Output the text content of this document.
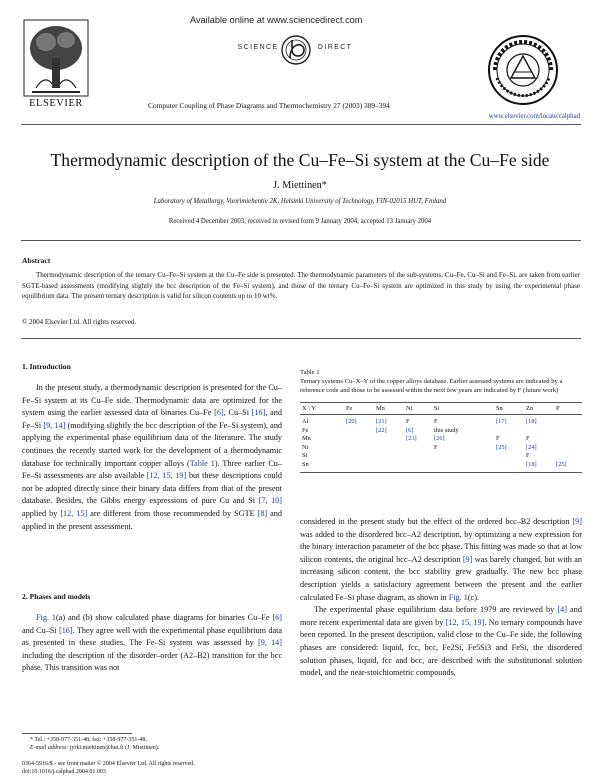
Available online at www.sciencedirect.com
SCIENCE DIRECT
ELSEVIER	Computer Coupling of Phase Diagrams and Thermochemistry 27 (2003) 389–394
www.elsevier.com/locate/calphad
Thermodynamic description of the Cu–Fe–Si system at the Cu–Fe side
J. Miettinen*
Laboratory of Metallurgy, Vuorimiehentie 2K, Helsinki University of Technology, FIN-02015 HUT, Finland
Received 4 December 2003; received in revised form 9 January 2004; accepted 13 January 2004
Abstract
Thermodynamic description of the ternary Cu–Fe–Si system at the Cu–Fe side is presented. The thermodynamic parameters of the sub-systems, Cu–Fe, Cu–Si and Fe–Si, are taken from earlier SGTE-based assessments (modifying slightly the bcc description of the Fe–Si system), and those of the ternary Cu–Fe–Si system are optimized in this study by using the experimental phase equilibrium data. The present ternary description is valid for silicon contents up to 10 wt%.
© 2004 Elsevier Ltd. All rights reserved.
1. Introduction

In the present study, a thermodynamic description is presented for the Cu–Fe–Si system at its Cu–Fe side. Thermodynamic data are optimized for the system using the earlier assessed data of binaries Cu–Fe [6], Cu–Si [16], and Fe–Si [9, 14] (modifying slightly the bcc description of the Fe–Si system), and applying the experimental phase equilibrium data of the literature. The study continues the recently started work for the development of a thermodynamic database for technically important copper alloys (Table 1). Three earlier Cu–Fe–Si assessments are also available [12, 15, 19] but these descriptions could not be adopted directly since their binary data differs from that of the present database. Besides, the Gibbs energy expressions of pure Cu and Si [7, 10] applied by [12, 15] are different from those recommended by SGTE [8] and applied in the present assessment.

2. Phases and models

Fig. 1(a) and (b) show calculated phase diagrams for binaries Cu–Fe [6] and Cu–Si [16]. They agree well with the experimental phase equilibrium data as presented in these studies. The Fe–Si system was assessed by [9, 14] including the description of the disorder–order (A2–B2) transition for the bcc phase. This transition was not

Table 1
Ternary systems Cu–X–Y of the copper alloys database. Earlier assessed systems are indicated by a reference code and those to be assessed within the next few years are indicated by F (future work)
X \ Y	Fe	Mn	Ni	Si	Sn	Zn	P
Al	[20]	[21]	F	F	[17]	[18]	
Fe		[22]	[6]	this study			
Mn			[23]	[26]	F	F	
Ni				F	[25]	[24]	
Si						F	
Sn						[18]	[25]

considered in the present study but the effect of the ordered bcc–B2 description [9] was added to the disordered bcc–A2 description, by optimizing a new expression for the binary interaction parameter of the bcc phase. This fitting was made so that at low silicon contents, the original bcc–A2 description [9] was barely changed, but with an increasing silicon content, the bcc stability grew gradually. The new bcc phase description yields a satisfactory agreement between the present and the earlier calculated Fe–Si phase diagram, as shown in Fig. 1(c).

The experimental phase equilibrium data before 1979 are reviewed by [4] and more recent experimental data are given by [12, 15, 19]. No ternary compounds have been reported. In the present description, valid close to the Cu–Fe side, the following phases are considered: liquid, fcc, bcc, Fe2Si, Fe5Si3 and FeSi, the disordered solution phases, liquid, fcc and bcc, are described with the substitutional solution model, and the near-stoichiometric compounds,

* Tel.: +358-977-351-48; fax: +358-977-351-48.
E-mail address: jyrki.miettinen@hut.fi (J. Miettinen).
0364-5916/$ - see front matter © 2004 Elsevier Ltd. All rights reserved.
doi:10.1016/j.calphad.2004.01.003
